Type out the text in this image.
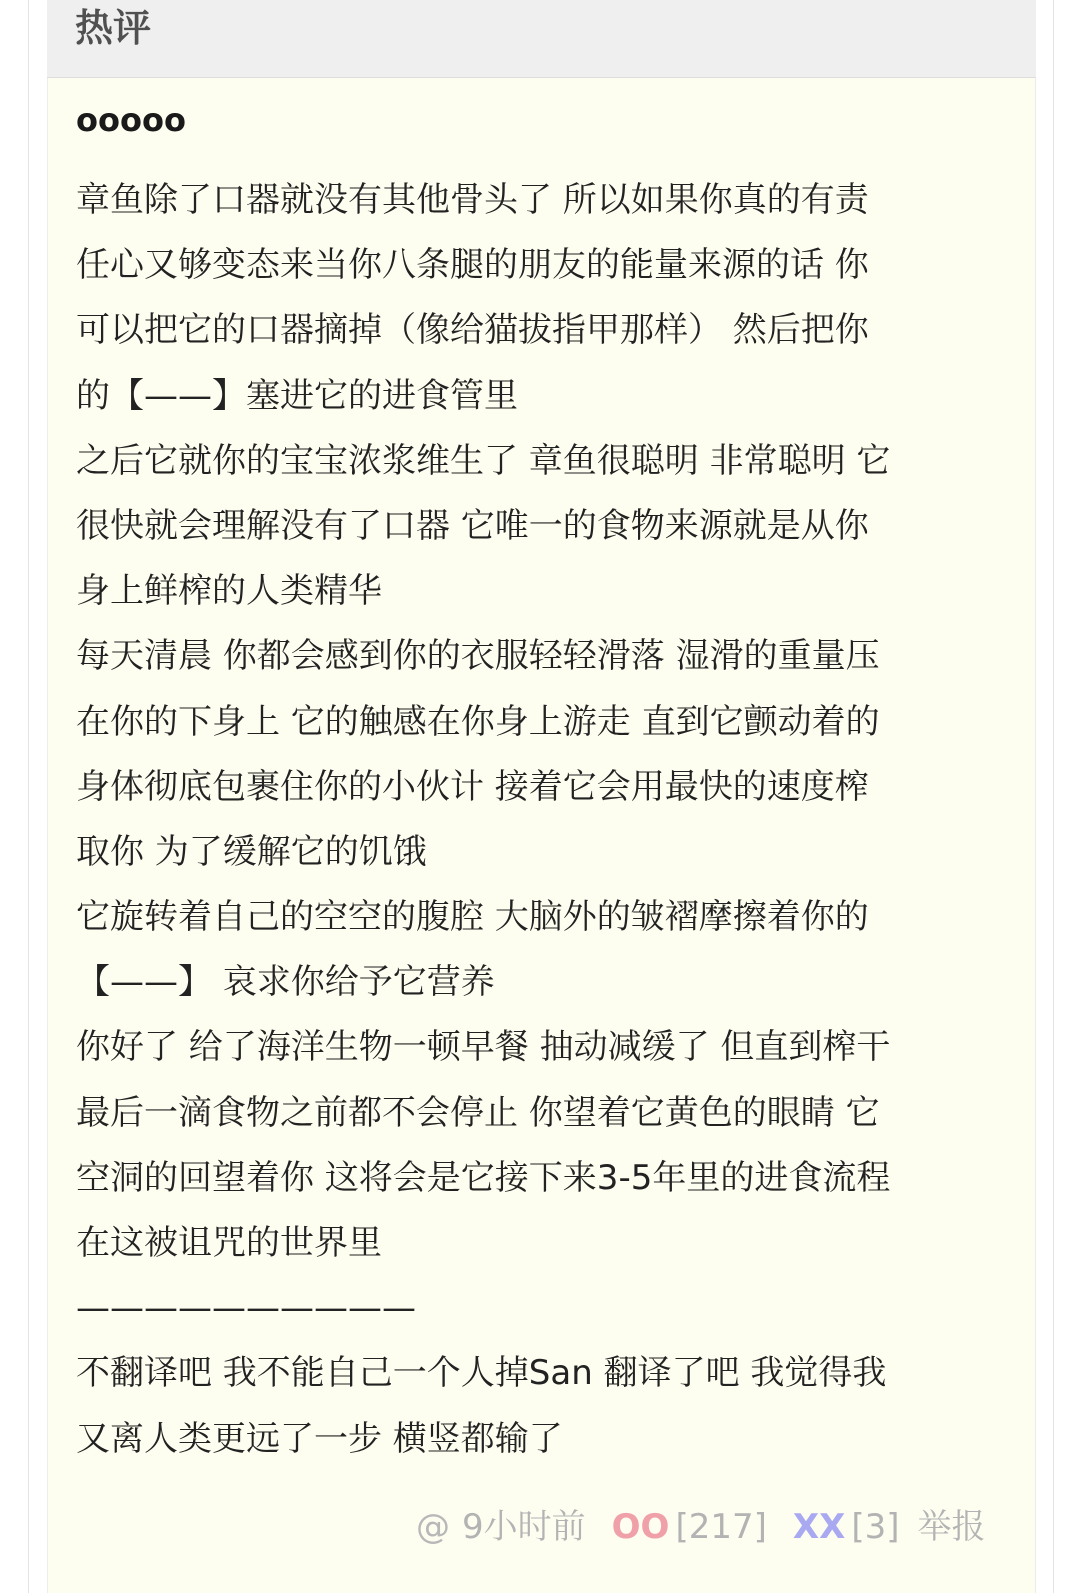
热评
ooooo
章鱼除了口器就没有其他骨头了 所以如果你真的有责
任心又够变态来当你八条腿的朋友的能量来源的话 你
可以把它的口器摘掉（像给猫拔指甲那样） 然后把你
的【——】塞进它的进食管里
之后它就你的宝宝浓浆维生了 章鱼很聪明 非常聪明 它
很快就会理解没有了口器 它唯一的食物来源就是从你
身上鲜榨的人类精华
每天清晨 你都会感到你的衣服轻轻滑落 湿滑的重量压
在你的下身上 它的触感在你身上游走 直到它颤动着的
身体彻底包裹住你的小伙计 接着它会用最快的速度榨
取你 为了缓解它的饥饿
它旋转着自己的空空的腹腔 大脑外的皱褶摩擦着你的
【——】 哀求你给予它营养
你好了 给了海洋生物一顿早餐 抽动减缓了 但直到榨干
最后一滴食物之前都不会停止 你望着它黄色的眼睛 它
空洞的回望着你 这将会是它接下来3-5年里的进食流程
在这被诅咒的世界里
——————————
不翻译吧 我不能自己一个人掉San 翻译了吧 我觉得我
又离人类更远了一步 横竖都输了
@ 9小时前 OO [217] XX [3] 举报
